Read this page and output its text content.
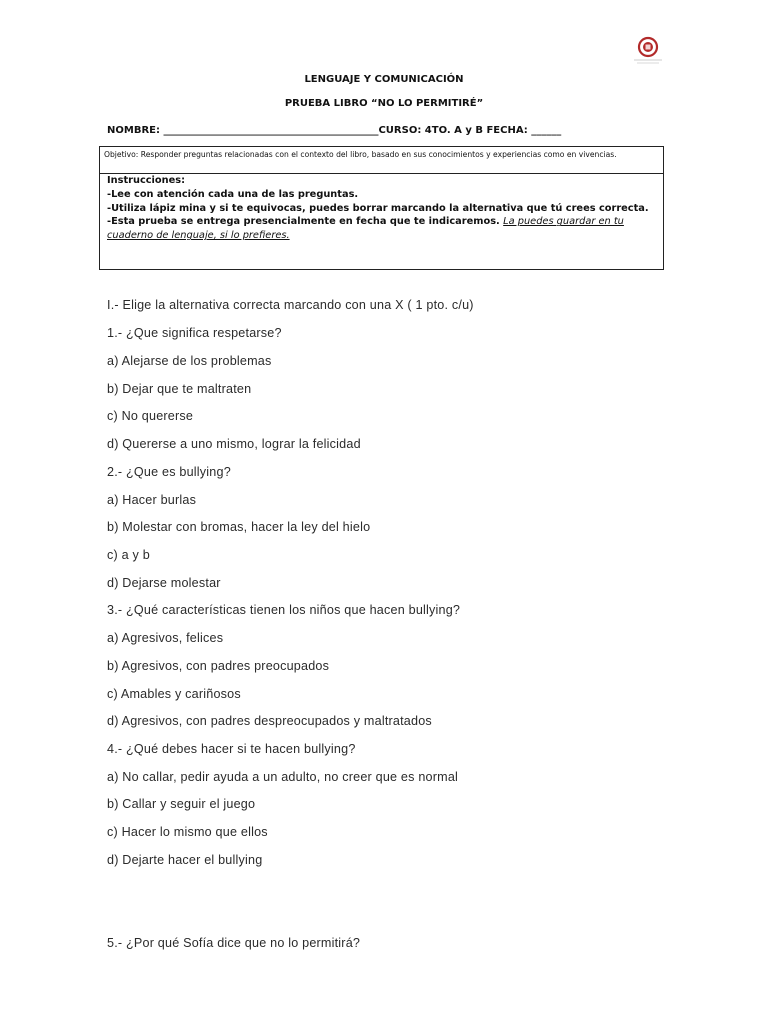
LENGUAJE Y COMUNICACIÓN
PRUEBA LIBRO “NO LO PERMITIRÉ”
NOMBRE: ___________________________________________CURSO: 4TO. A y B FECHA: ______
Objetivo: Responder preguntas relacionadas con el contexto del libro, basado en sus conocimientos y experiencias como en vivencias.
Instrucciones:
-Lee con atención cada una de las preguntas.
-Utiliza lápiz mina y si te equivocas, puedes borrar marcando la alternativa que tú crees correcta.
-Esta prueba se entrega presencialmente en fecha que te indicaremos. La puedes guardar en tu
cuaderno de lenguaje, si lo prefieres.
I.- Elige la alternativa correcta marcando con una X ( 1 pto. c/u)
1.- ¿Que significa respetarse?
a) Alejarse de los problemas
b) Dejar que te maltraten
c) No quererse
d) Quererse a uno mismo, lograr la felicidad
2.- ¿Que es bullying?
a) Hacer burlas
b) Molestar con bromas, hacer la ley del hielo
c) a y b
d) Dejarse molestar
3.- ¿Qué características tienen los niños que hacen bullying?
a) Agresivos, felices
b) Agresivos, con padres preocupados
c) Amables y cariñosos
d) Agresivos, con padres despreocupados y maltratados
4.- ¿Qué debes hacer si te hacen bullying?
a) No callar, pedir ayuda a un adulto, no creer que es normal
b) Callar y seguir el juego
c) Hacer lo mismo que ellos
d) Dejarte hacer el bullying
5.- ¿Por qué Sofía dice que no lo permitirá?
